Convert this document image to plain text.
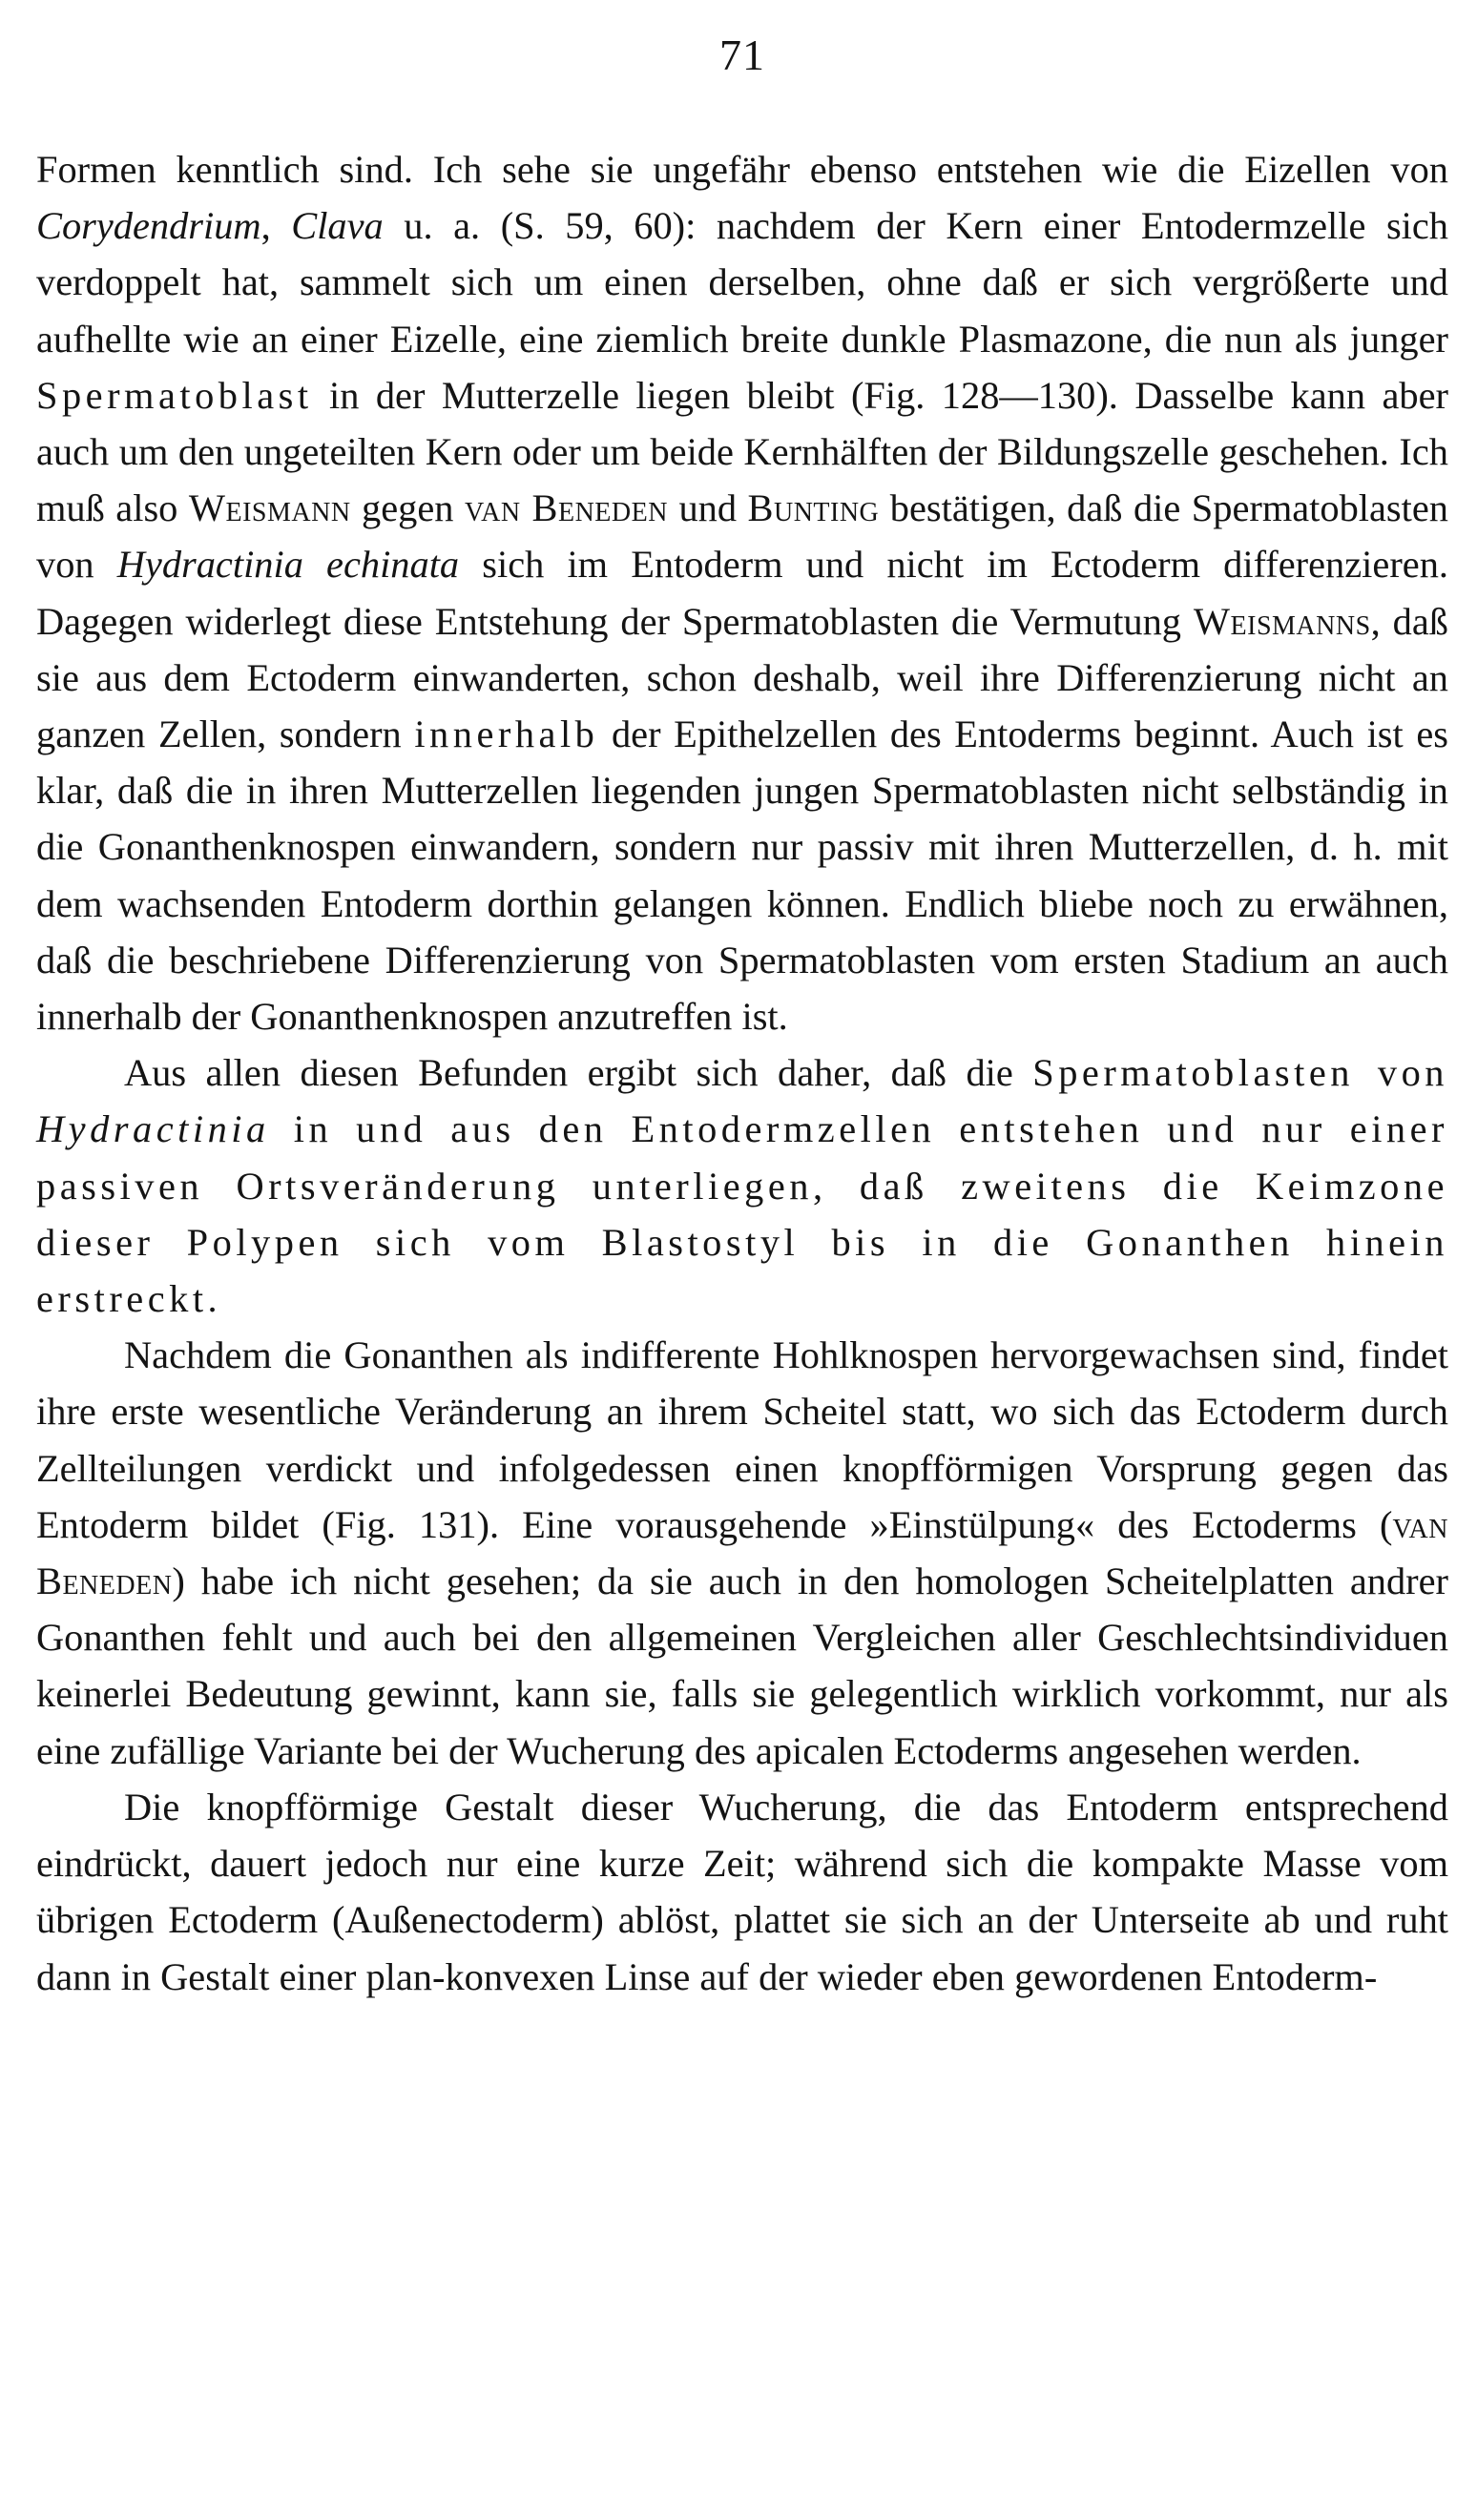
71

Formen kenntlich sind. Ich sehe sie ungefähr ebenso entstehen wie die Eizellen von Corydendrium, Clava u. a. (S. 59, 60): nachdem der Kern einer Entodermzelle sich verdoppelt hat, sammelt sich um einen derselben, ohne daß er sich vergrößerte und aufhellte wie an einer Eizelle, eine ziemlich breite dunkle Plasmazone, die nun als junger Spermatoblast in der Mutterzelle liegen bleibt (Fig. 128—130). Dasselbe kann aber auch um den ungeteilten Kern oder um beide Kernhälften der Bildungszelle geschehen. Ich muß also Weismann gegen van Beneden und Bunting bestätigen, daß die Spermatoblasten von Hydractinia echinata sich im Entoderm und nicht im Ectoderm differenzieren. Dagegen widerlegt diese Entstehung der Spermatoblasten die Vermutung Weismanns, daß sie aus dem Ectoderm einwanderten, schon deshalb, weil ihre Differenzierung nicht an ganzen Zellen, sondern innerhalb der Epithelzellen des Entoderms beginnt. Auch ist es klar, daß die in ihren Mutterzellen liegenden jungen Spermatoblasten nicht selbständig in die Gonanthenknospen einwandern, sondern nur passiv mit ihren Mutterzellen, d. h. mit dem wachsenden Entoderm dorthin gelangen können. Endlich bliebe noch zu erwähnen, daß die beschriebene Differenzierung von Spermatoblasten vom ersten Stadium an auch innerhalb der Gonanthenknospen anzutreffen ist.

Aus allen diesen Befunden ergibt sich daher, daß die Spermatoblasten von Hydractinia in und aus den Entodermzellen entstehen und nur einer passiven Ortsveränderung unterliegen, daß zweitens die Keimzone dieser Polypen sich vom Blastostyl bis in die Gonanthen hinein erstreckt.

Nachdem die Gonanthen als indifferente Hohlknospen hervorgewachsen sind, findet ihre erste wesentliche Veränderung an ihrem Scheitel statt, wo sich das Ectoderm durch Zellteilungen verdickt und infolgedessen einen knopfförmigen Vorsprung gegen das Entoderm bildet (Fig. 131). Eine vorausgehende »Einstülpung« des Ectoderms (van Beneden) habe ich nicht gesehen; da sie auch in den homologen Scheitelplatten andrer Gonanthen fehlt und auch bei den allgemeinen Vergleichen aller Geschlechtsindividuen keinerlei Bedeutung gewinnt, kann sie, falls sie gelegentlich wirklich vorkommt, nur als eine zufällige Variante bei der Wucherung des apicalen Ectoderms angesehen werden.

Die knopfförmige Gestalt dieser Wucherung, die das Entoderm entsprechend eindrückt, dauert jedoch nur eine kurze Zeit; während sich die kompakte Masse vom übrigen Ectoderm (Außenectoderm) ablöst, plattet sie sich an der Unterseite ab und ruht dann in Gestalt einer plan-konvexen Linse auf der wieder eben gewordenen Entoderm-
